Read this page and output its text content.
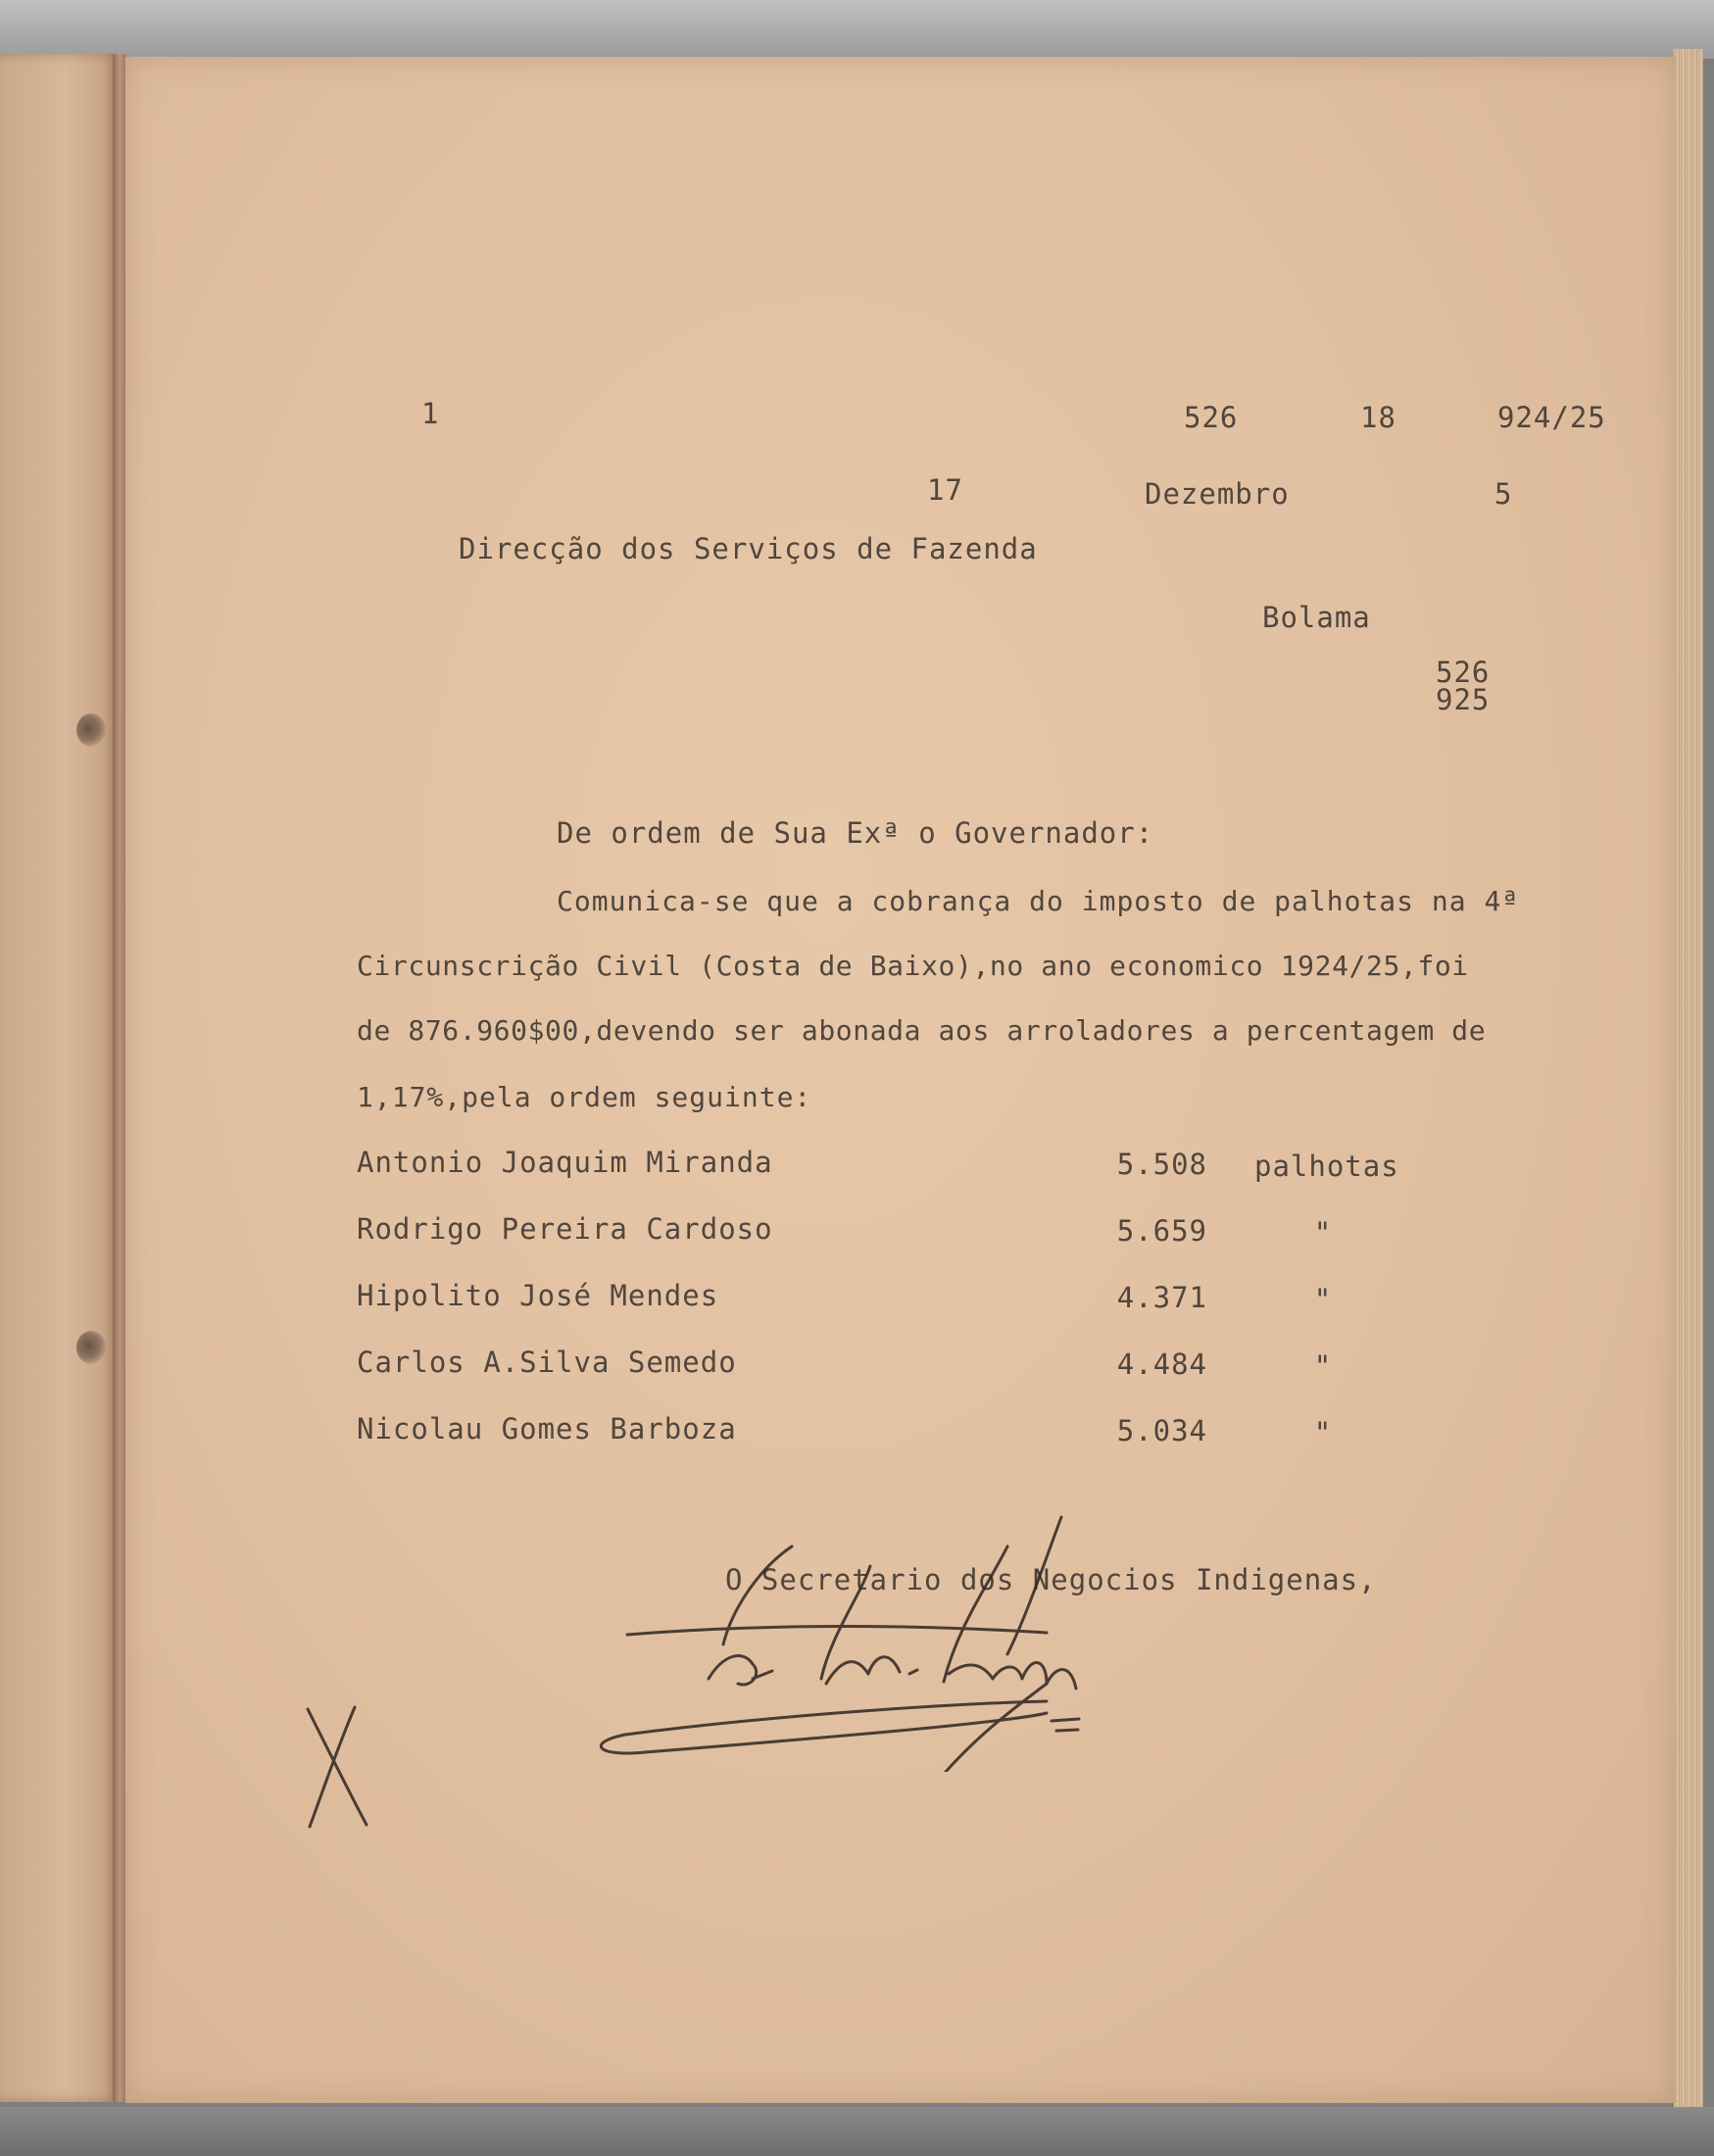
1	526	18	924/25

17	Dezembro	5

Direcção dos Serviços de Fazenda

Bolama

526

925

De ordem de Sua Exª o Governador:

Comunica-se que a cobrança do imposto de palhotas na 4ª

Circunscrição Civil (Costa de Baixo),no ano economico 1924/25,foi

de 876.960$00,devendo ser abonada aos arroladores a percentagem de

1,17%,pela ordem seguinte:

Antonio Joaquim Miranda	5.508 palhotas

Rodrigo Pereira Cardoso	5.659	"

Hipolito José Mendes	4.371	"

Carlos A.Silva Semedo	4.484	"

Nicolau Gomes Barboza	5.034	"

O Secretario dos Negocios Indigenas,
